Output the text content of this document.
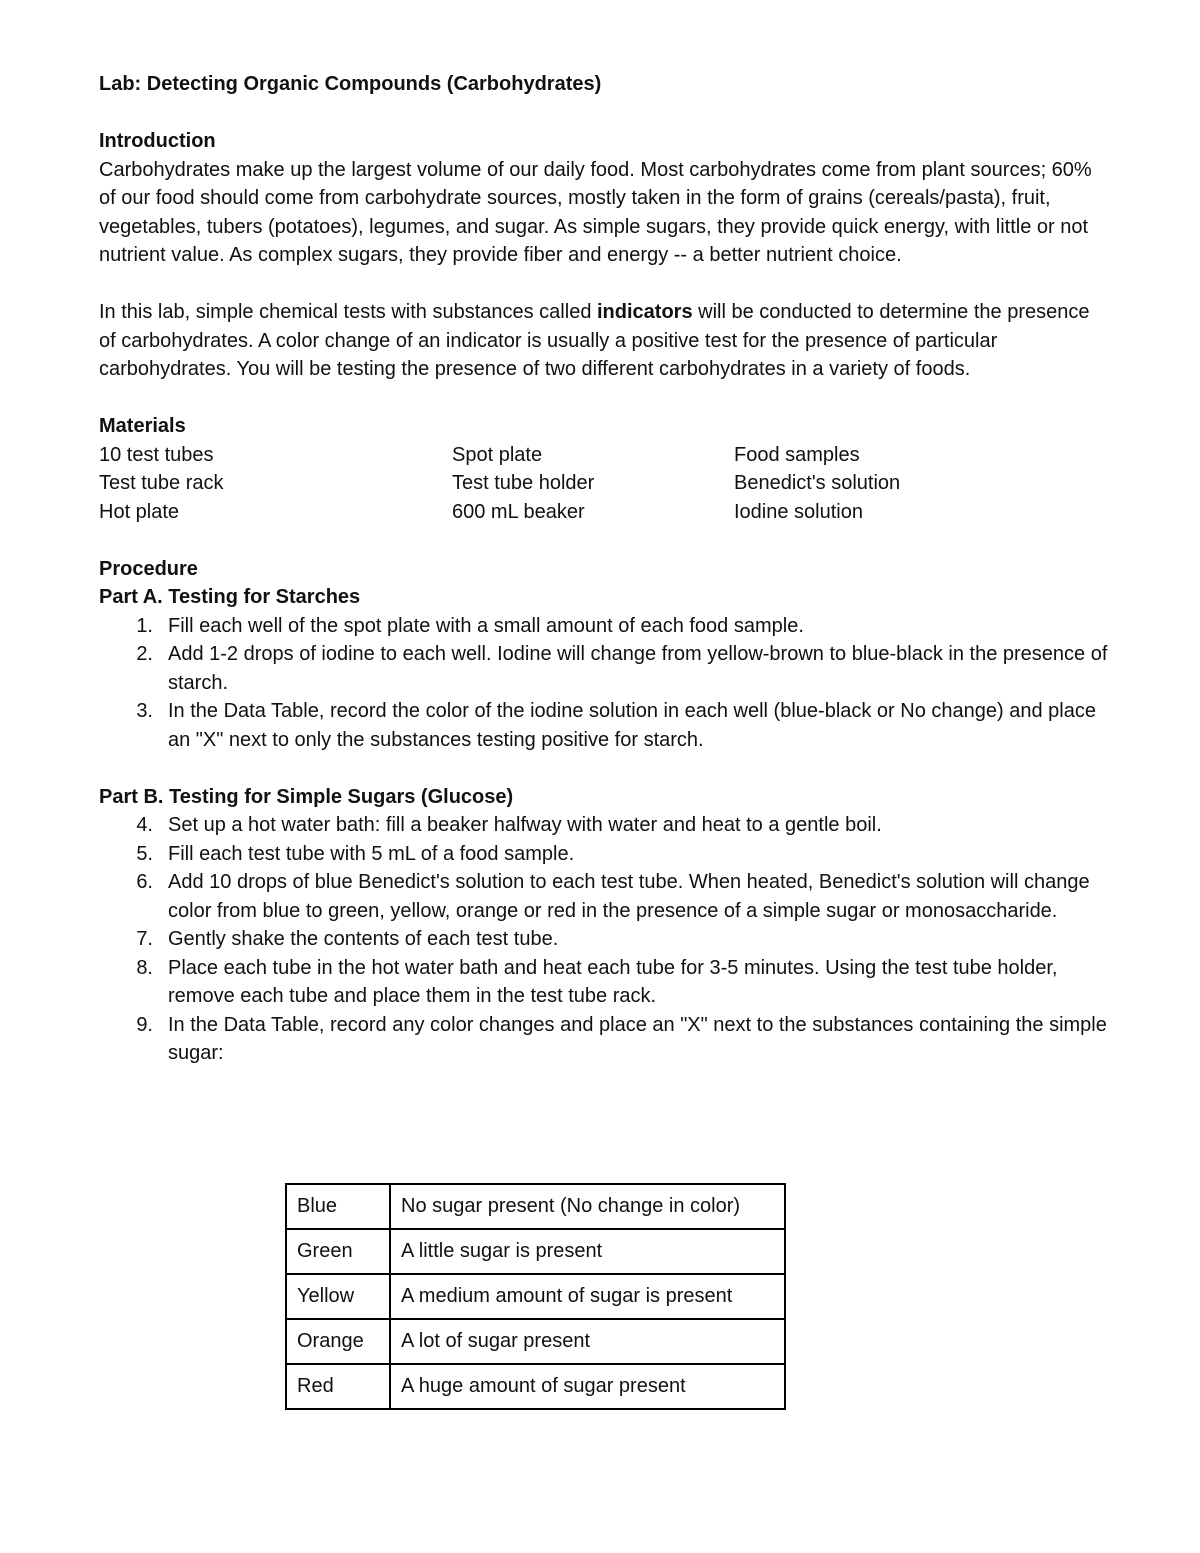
Lab: Detecting Organic Compounds (Carbohydrates)
Introduction

Carbohydrates make up the largest volume of our daily food. Most carbohydrates come from plant sources; 60% of our food should come from carbohydrate sources, mostly taken in the form of grains (cereals/pasta), fruit, vegetables, tubers (potatoes), legumes, and sugar. As simple sugars, they provide quick energy, with little or not nutrient value. As complex sugars, they provide fiber and energy -- a better nutrient choice.

In this lab, simple chemical tests with substances called indicators will be conducted to determine the presence of carbohydrates. A color change of an indicator is usually a positive test for the presence of particular carbohydrates. You will be testing the presence of two different carbohydrates in a variety of foods.

Materials
10 test tubes	Spot plate	Food samples
Test tube rack	Test tube holder	Benedict's solution
Hot plate	600 mL beaker	Iodine solution
Procedure
Part A. Testing for Starches
1. Fill each well of the spot plate with a small amount of each food sample.
2. Add 1-2 drops of iodine to each well. Iodine will change from yellow-brown to blue-black in the presence of starch.
3. In the Data Table, record the color of the iodine solution in each well (blue-black or No change) and place an "X" next to only the substances testing positive for starch.
Part B. Testing for Simple Sugars (Glucose)
4. Set up a hot water bath: fill a beaker halfway with water and heat to a gentle boil.
5. Fill each test tube with 5 mL of a food sample.
6. Add 10 drops of blue Benedict's solution to each test tube. When heated, Benedict's solution will change color from blue to green, yellow, orange or red in the presence of a simple sugar or monosaccharide.
7. Gently shake the contents of each test tube.
8. Place each tube in the hot water bath and heat each tube for 3-5 minutes. Using the test tube holder, remove each tube and place them in the test tube rack.
9. In the Data Table, record any color changes and place an "X" next to the substances containing the simple sugar:
Blue	No sugar present (No change in color)
Green	A little sugar is present
Yellow	A medium amount of sugar is present
Orange	A lot of sugar present
Red	A huge amount of sugar present
